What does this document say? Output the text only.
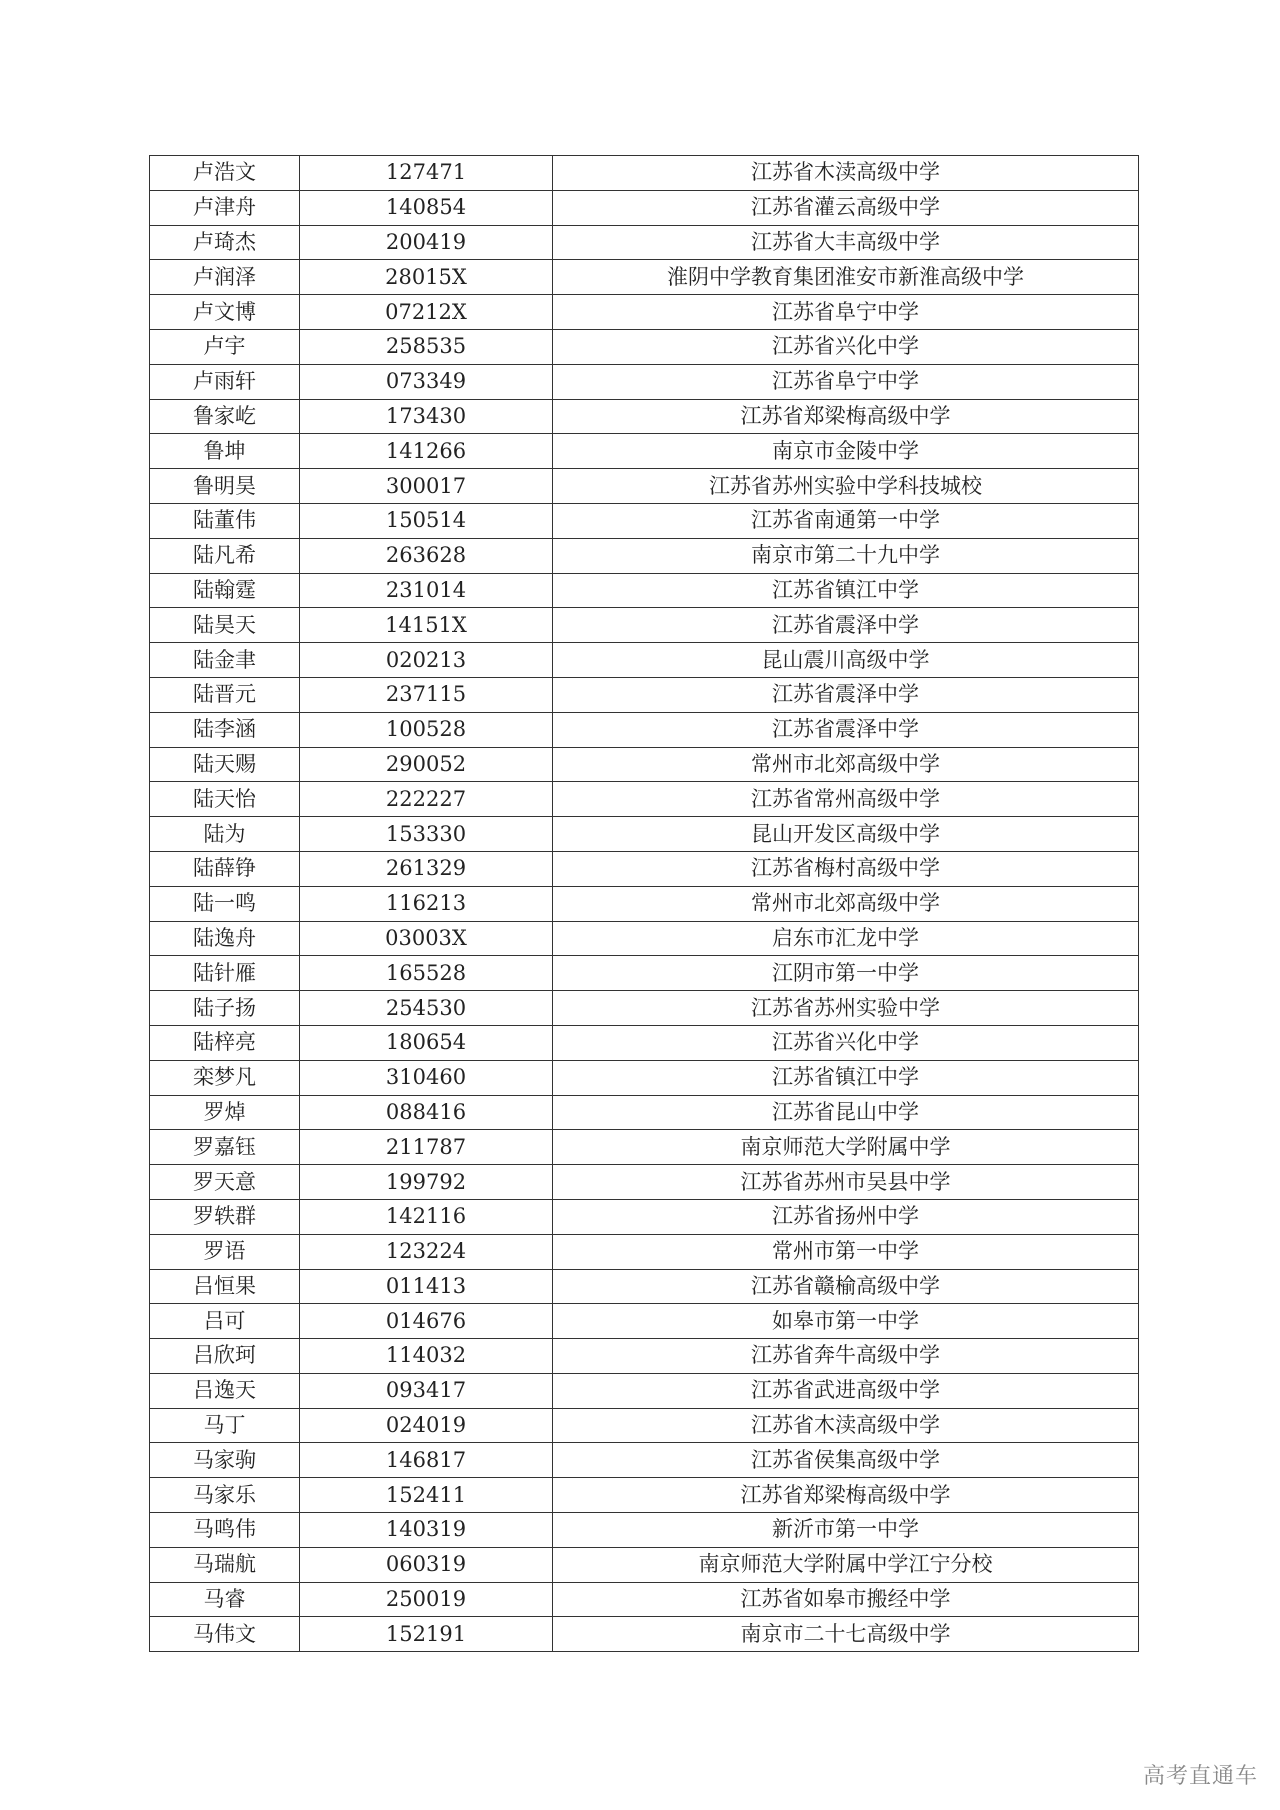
卢浩文	127471	江苏省木渎高级中学
卢津舟	140854	江苏省灌云高级中学
卢琦杰	200419	江苏省大丰高级中学
卢润泽	28015X	淮阴中学教育集团淮安市新淮高级中学
卢文博	07212X	江苏省阜宁中学
卢宇	258535	江苏省兴化中学
卢雨轩	073349	江苏省阜宁中学
鲁家屹	173430	江苏省郑梁梅高级中学
鲁坤	141266	南京市金陵中学
鲁明昊	300017	江苏省苏州实验中学科技城校
陆董伟	150514	江苏省南通第一中学
陆凡希	263628	南京市第二十九中学
陆翰霆	231014	江苏省镇江中学
陆昊天	14151X	江苏省震泽中学
陆金聿	020213	昆山震川高级中学
陆晋元	237115	江苏省震泽中学
陆李涵	100528	江苏省震泽中学
陆天赐	290052	常州市北郊高级中学
陆天怡	222227	江苏省常州高级中学
陆为	153330	昆山开发区高级中学
陆薛铮	261329	江苏省梅村高级中学
陆一鸣	116213	常州市北郊高级中学
陆逸舟	03003X	启东市汇龙中学
陆针雁	165528	江阴市第一中学
陆子扬	254530	江苏省苏州实验中学
陆梓亮	180654	江苏省兴化中学
栾梦凡	310460	江苏省镇江中学
罗焯	088416	江苏省昆山中学
罗嘉钰	211787	南京师范大学附属中学
罗天意	199792	江苏省苏州市吴县中学
罗轶群	142116	江苏省扬州中学
罗语	123224	常州市第一中学
吕恒果	011413	江苏省赣榆高级中学
吕可	014676	如皋市第一中学
吕欣珂	114032	江苏省奔牛高级中学
吕逸天	093417	江苏省武进高级中学
马丁	024019	江苏省木渎高级中学
马家驹	146817	江苏省侯集高级中学
马家乐	152411	江苏省郑梁梅高级中学
马鸣伟	140319	新沂市第一中学
马瑞航	060319	南京师范大学附属中学江宁分校
马睿	250019	江苏省如皋市搬经中学
马伟文	152191	南京市二十七高级中学
高考直通车
